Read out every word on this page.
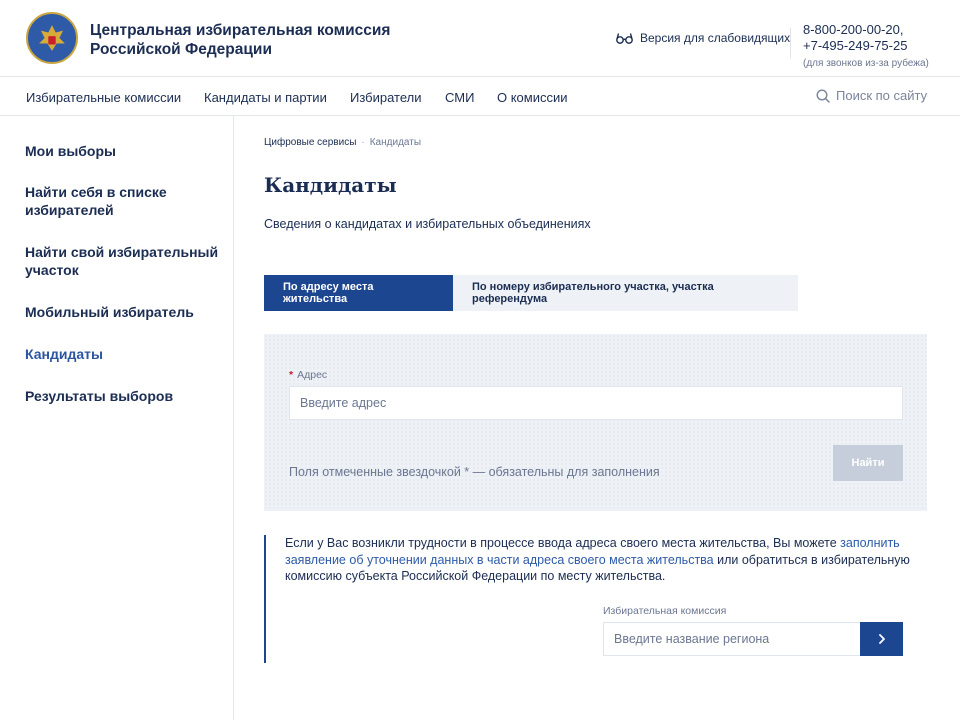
Центральная избирательная комиссия Российской Федерации
Версия для слабовидящих
8-800-200-00-20,
+7-495-249-75-25
(для звонков из-за рубежа)
Избирательные комиссии Кандидаты и партии Избиратели СМИ О комиссии	Поиск по сайту
Мои выборы
Найти себя в списке избирателей
Найти свой избирательный участок
Мобильный избиратель
Кандидаты
Результаты выборов
Цифровые сервисы · Кандидаты
Кандидаты
Сведения о кандидатах и избирательных объединениях
По адресу места жительства
По номеру избирательного участка, участка референдума
* Адрес
Введите адрес
Поля отмеченные звездочкой * — обязательны для заполнения
Найти
Если у Вас возникли трудности в процессе ввода адреса своего места жительства, Вы можете заполнить заявление об уточнении данных в части адреса своего места жительства или обратиться в избирательную комиссию субъекта Российской Федерации по месту жительства.
Избирательная комиссия
Введите название региона
